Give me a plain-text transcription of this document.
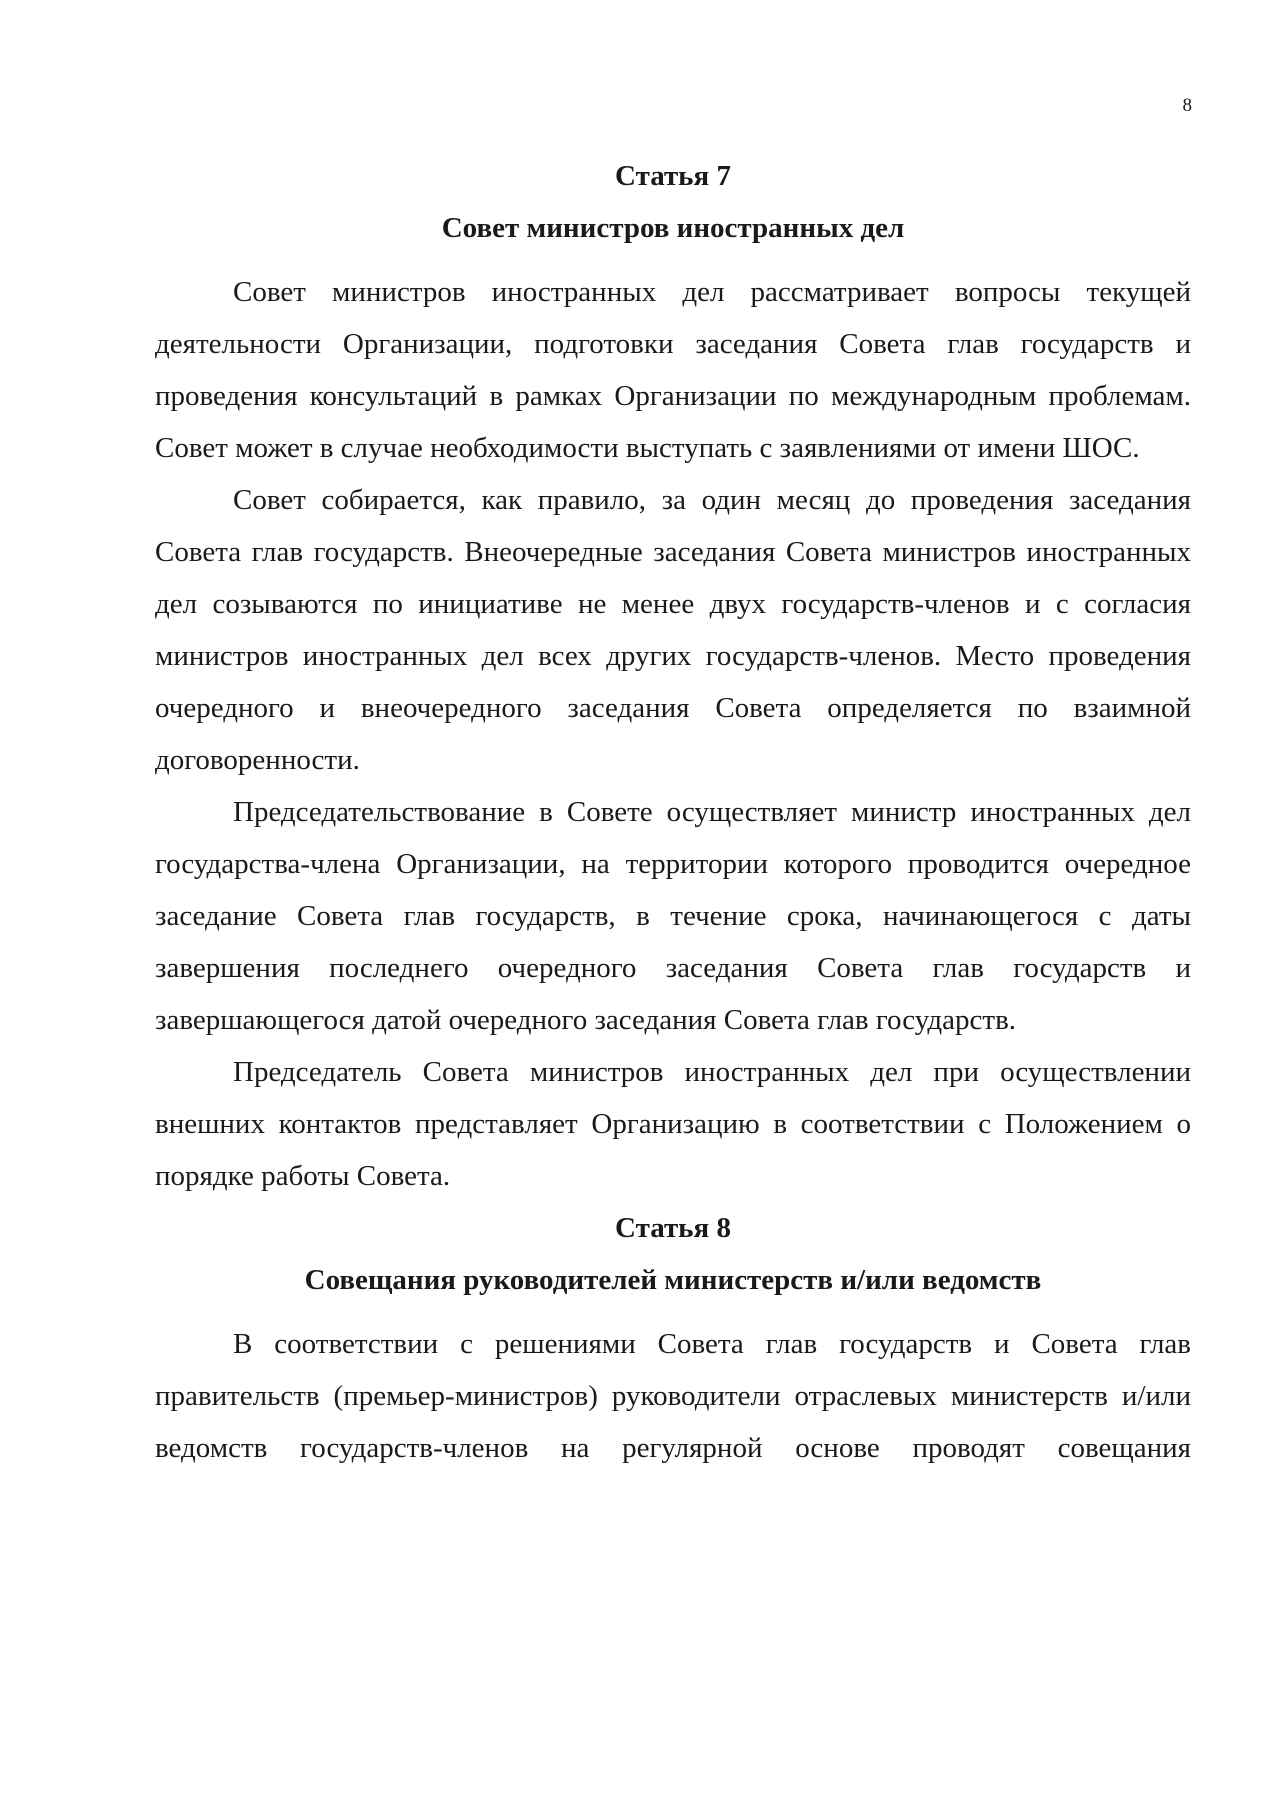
8

Статья 7

Совет министров иностранных дел

Совет министров иностранных дел рассматривает вопросы текущей деятельности Организации, подготовки заседания Совета глав государств и проведения консультаций в рамках Организации по международным проблемам. Совет может в случае необходимости выступать с заявлениями от имени ШОС.

Совет собирается, как правило, за один месяц до проведения заседания Совета глав государств. Внеочередные заседания Совета министров иностранных дел созываются по инициативе не менее двух государств-членов и с согласия министров иностранных дел всех других государств-членов. Место проведения очередного и внеочередного заседания Совета определяется по взаимной договоренности.

Председательствование в Совете осуществляет министр иностранных дел государства-члена Организации, на территории которого проводится очередное заседание Совета глав государств, в течение срока, начинающегося с даты завершения последнего очередного заседания Совета глав государств и завершающегося датой очередного заседания Совета глав государств.

Председатель Совета министров иностранных дел при осуществлении внешних контактов представляет Организацию в соответствии с Положением о порядке работы Совета.

Статья 8

Совещания руководителей министерств и/или ведомств

В соответствии с решениями Совета глав государств и Совета глав правительств (премьер-министров) руководители отраслевых министерств и/или ведомств государств-членов на регулярной основе проводят совещания
